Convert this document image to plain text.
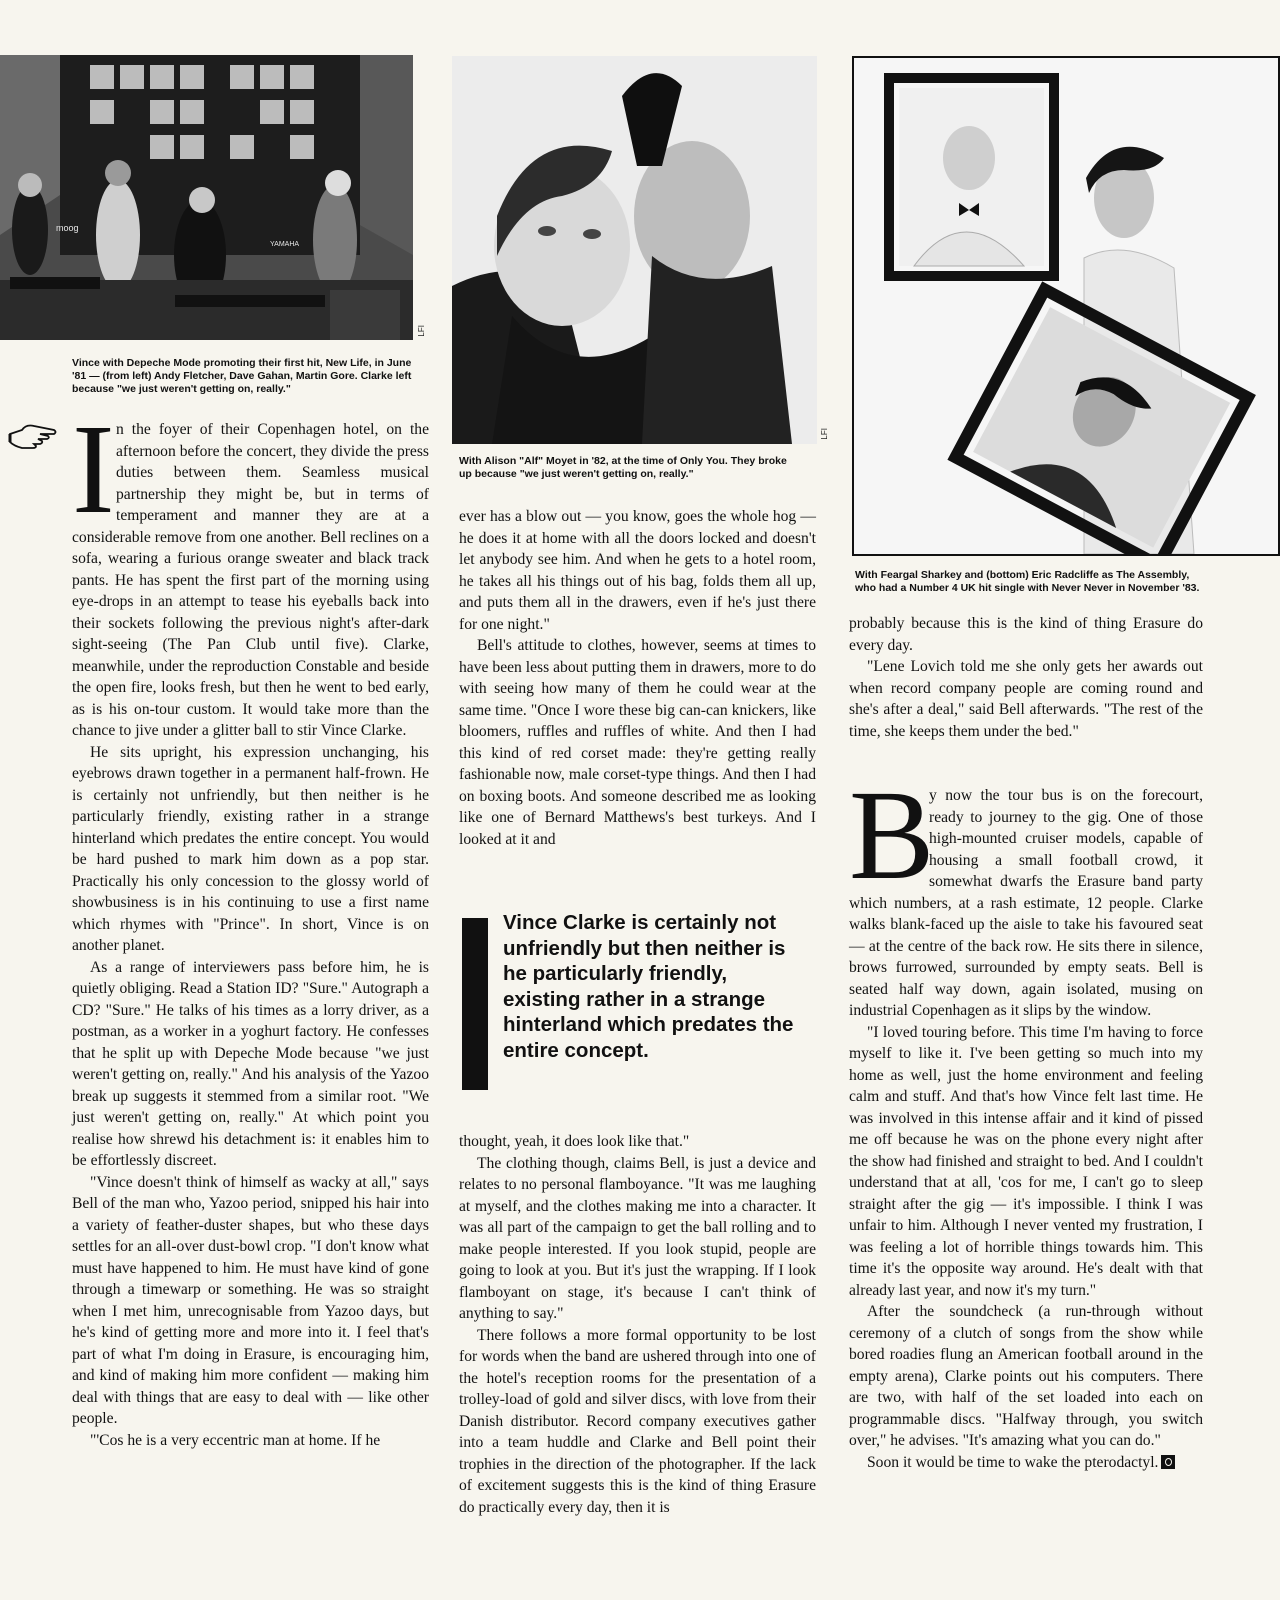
moog
YAMAHA
LFI
Vince with Depeche Mode promoting their first hit, New Life, in June '81 — (from left) Andy Fletcher, Dave Gahan, Martin Gore. Clarke left because "we just weren't getting on, really."
LFI
With Alison "Alf" Moyet in '82, at the time of Only You. They broke up because "we just weren't getting on, really."
With Feargal Sharkey and (bottom) Eric Radcliffe as The Assembly, who had a Number 4 UK hit single with Never Never in November '83.
I n the foyer of their Copenhagen hotel, on the afternoon before the concert, they divide the press duties between them. Seamless musical partnership they might be, but in terms of temperament and manner they are at a considerable remove from one another. Bell reclines on a sofa, wearing a furious orange sweater and black track pants. He has spent the first part of the morning using eye-drops in an attempt to tease his eyeballs back into their sockets following the previous night's after-dark sight-seeing (The Pan Club until five). Clarke, meanwhile, under the reproduction Constable and beside the open fire, looks fresh, but then he went to bed early, as is his on-tour custom. It would take more than the chance to jive under a glitter ball to stir Vince Clarke.

He sits upright, his expression unchanging, his eyebrows drawn together in a permanent half-frown. He is certainly not unfriendly, but then neither is he particularly friendly, existing rather in a strange hinterland which predates the entire concept. You would be hard pushed to mark him down as a pop star. Practically his only concession to the glossy world of showbusiness is in his continuing to use a first name which rhymes with "Prince". In short, Vince is on another planet.

As a range of interviewers pass before him, he is quietly obliging. Read a Station ID? "Sure." Autograph a CD? "Sure." He talks of his times as a lorry driver, as a postman, as a worker in a yoghurt factory. He confesses that he split up with Depeche Mode because "we just weren't getting on, really." And his analysis of the Yazoo break up suggests it stemmed from a similar root. "We just weren't getting on, really." At which point you realise how shrewd his detachment is: it enables him to be effortlessly discreet.

"Vince doesn't think of himself as wacky at all," says Bell of the man who, Yazoo period, snipped his hair into a variety of feather-duster shapes, but who these days settles for an all-over dust-bowl crop. "I don't know what must have happened to him. He must have kind of gone through a timewarp or something. He was so straight when I met him, unrecognisable from Yazoo days, but he's kind of getting more and more into it. I feel that's part of what I'm doing in Erasure, is encouraging him, and kind of making him more confident — making him deal with things that are easy to deal with — like other people.

"'Cos he is a very eccentric man at home. If he

ever has a blow out — you know, goes the whole hog — he does it at home with all the doors locked and doesn't let anybody see him. And when he gets to a hotel room, he takes all his things out of his bag, folds them all up, and puts them all in the drawers, even if he's just there for one night."

Bell's attitude to clothes, however, seems at times to have been less about putting them in drawers, more to do with seeing how many of them he could wear at the same time. "Once I wore these big can-can knickers, like bloomers, ruffles and ruffles of white. And then I had this kind of red corset made: they're getting really fashionable now, male corset-type things. And then I had on boxing boots. And someone described me as looking like one of Bernard Matthews's best turkeys. And I looked at it and

Vince Clarke is certainly not unfriendly but then neither is he particularly friendly, existing rather in a strange hinterland which predates the entire concept.

thought, yeah, it does look like that."

The clothing though, claims Bell, is just a device and relates to no personal flamboyance. "It was me laughing at myself, and the clothes making me into a character. It was all part of the campaign to get the ball rolling and to make people interested. If you look stupid, people are going to look at you. But it's just the wrapping. If I look flamboyant on stage, it's because I can't think of anything to say."

There follows a more formal opportunity to be lost for words when the band are ushered through into one of the hotel's reception rooms for the presentation of a trolley-load of gold and silver discs, with love from their Danish distributor. Record company executives gather into a team huddle and Clarke and Bell point their trophies in the direction of the photographer. If the lack of excitement suggests this is the kind of thing Erasure do practically every day, then it is

probably because this is the kind of thing Erasure do every day.

"Lene Lovich told me she only gets her awards out when record company people are coming round and she's after a deal," said Bell afterwards. "The rest of the time, she keeps them under the bed."

B

y now the tour bus is on the forecourt, ready to journey to the gig. One of those high-mounted cruiser models, capable of housing a small football crowd, it somewhat dwarfs the Erasure band party which numbers, at a rash estimate, 12 people. Clarke walks blank-faced up the aisle to take his favoured seat — at the centre of the back row. He sits there in silence, brows furrowed, surrounded by empty seats. Bell is seated half way down, again isolated, musing on industrial Copenhagen as it slips by the window.

"I loved touring before. This time I'm having to force myself to like it. I've been getting so much into my home as well, just the home environment and feeling calm and stuff. And that's how Vince felt last time. He was involved in this intense affair and it kind of pissed me off because he was on the phone every night after the show had finished and straight to bed. And I couldn't understand that at all, 'cos for me, I can't go to sleep straight after the gig — it's impossible. I think I was unfair to him. Although I never vented my frustration, I was feeling a lot of horrible things towards him. This time it's the opposite way around. He's dealt with that already last year, and now it's my turn."

After the soundcheck (a run-through without ceremony of a clutch of songs from the show while bored roadies flung an American football around in the empty arena), Clarke points out his computers. There are two, with half of the set loaded into each on programmable discs. "Halfway through, you switch over," he advises. "It's amazing what you can do."

Soon it would be time to wake the pterodactyl.
